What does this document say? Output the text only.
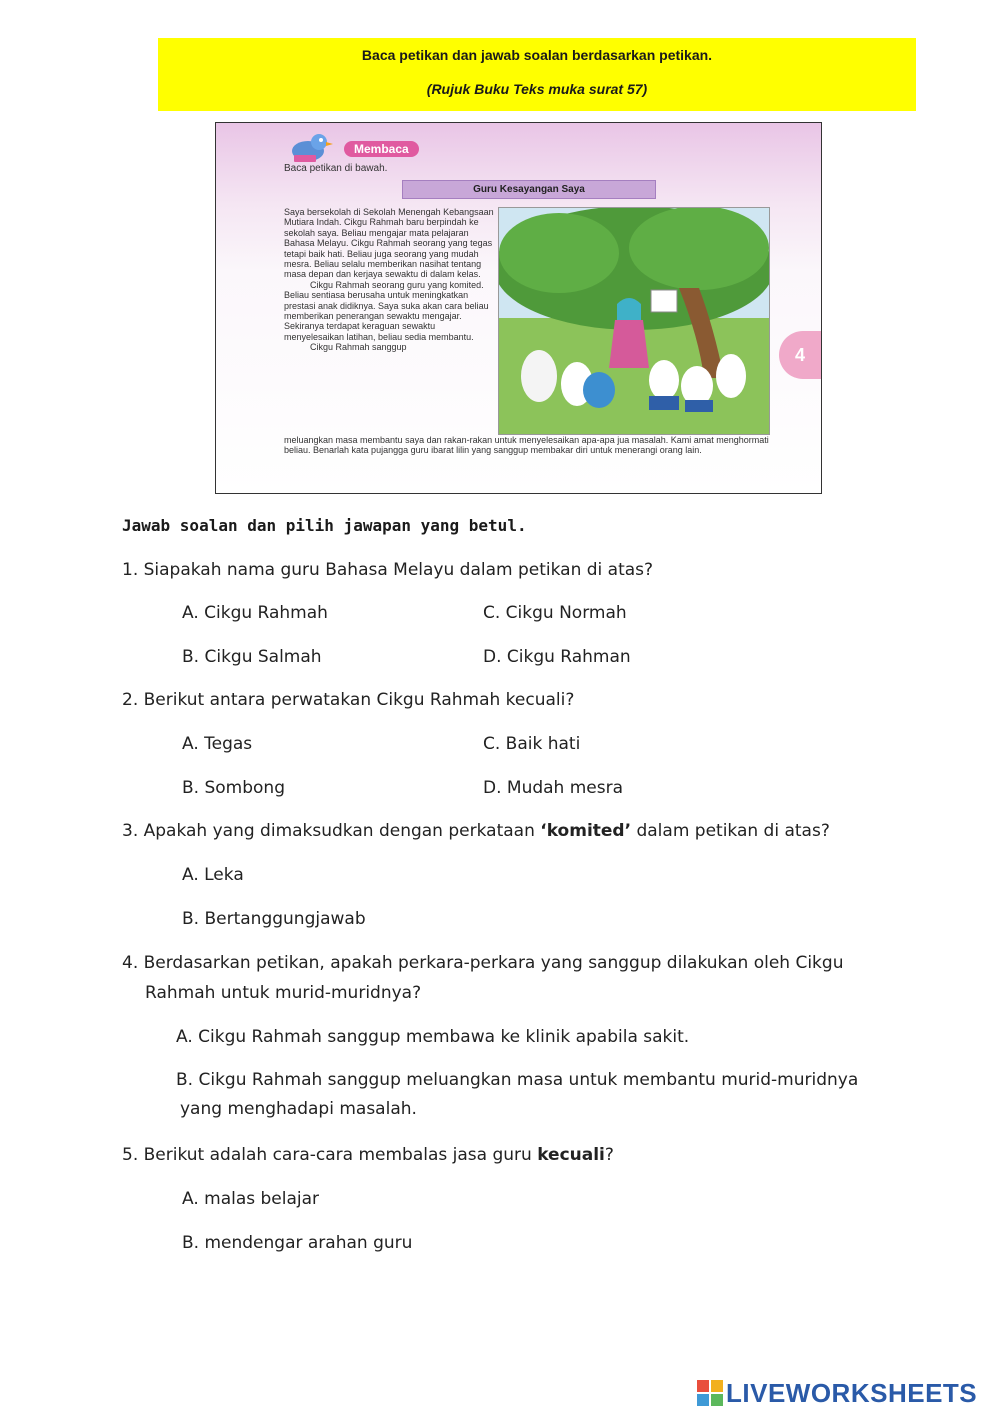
Baca petikan dan jawab soalan berdasarkan petikan.
(Rujuk Buku Teks muka surat 57)
Membaca
Baca petikan di bawah.
Guru Kesayangan Saya

Saya bersekolah di Sekolah Menengah Kebangsaan Mutiara Indah. Cikgu Rahmah baru berpindah ke sekolah saya. Beliau mengajar mata pelajaran Bahasa Melayu. Cikgu Rahmah seorang yang tegas tetapi baik hati. Beliau juga seorang yang mudah mesra. Beliau selalu memberikan nasihat tentang masa depan dan kerjaya sewaktu di dalam kelas.

Cikgu Rahmah seorang guru yang komited. Beliau sentiasa berusaha untuk meningkatkan prestasi anak didiknya. Saya suka akan cara beliau memberikan penerangan sewaktu mengajar. Sekiranya terdapat keraguan sewaktu menyelesaikan latihan, beliau sedia membantu.

Cikgu Rahmah sanggup

meluangkan masa membantu saya dan rakan-rakan untuk menyelesaikan apa-apa jua masalah. Kami amat menghormati beliau. Benarlah kata pujangga guru ibarat lilin yang sanggup membakar diri untuk menerangi orang lain.

4
Jawab soalan dan pilih jawapan yang betul.
1. Siapakah nama guru Bahasa Melayu dalam petikan di atas?
A. Cikgu Rahmah	C. Cikgu Normah
B. Cikgu Salmah	D. Cikgu Rahman
2. Berikut antara perwatakan Cikgu Rahmah kecuali?
A. Tegas	C. Baik hati
B. Sombong	D. Mudah mesra
3. Apakah yang dimaksudkan dengan perkataan ‘komited’ dalam petikan di atas?
A. Leka
B. Bertanggungjawab
4. Berdasarkan petikan, apakah perkara-perkara yang sanggup dilakukan oleh Cikgu
Rahmah untuk murid-muridnya?
A. Cikgu Rahmah sanggup membawa ke klinik apabila sakit.
B. Cikgu Rahmah sanggup meluangkan masa untuk membantu murid-muridnya
yang menghadapi masalah.
5. Berikut adalah cara-cara membalas jasa guru kecuali?
A. malas belajar
B. mendengar arahan guru
LIVEWORKSHEETS
